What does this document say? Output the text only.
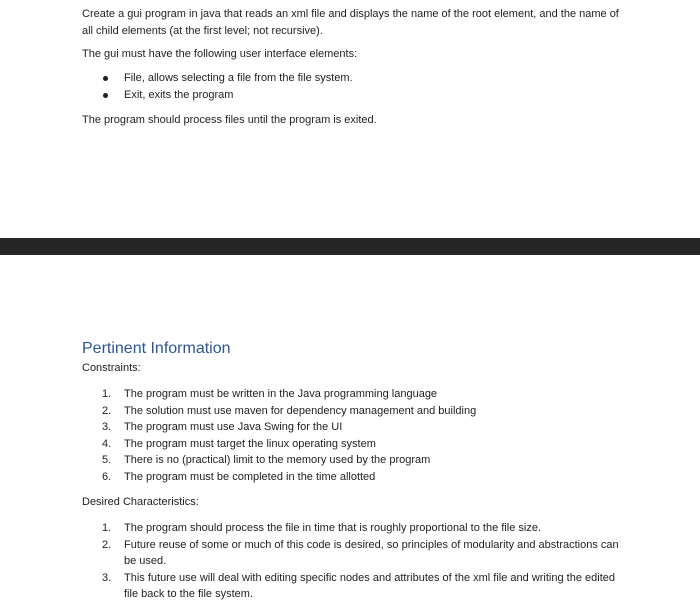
Create a gui program in java that reads an xml file and displays the name of the root element, and the name of all child elements (at the first level; not recursive).

The gui must have the following user interface elements:

File, allows selecting a file from the file system.
Exit, exits the program

The program should process files until the program is exited.

Pertinent Information
Constraints:
1.	The program must be written in the Java programming language
2.	The solution must use maven for dependency management and building
3.	The program must use Java Swing for the UI
4.	The program must target the linux operating system
5.	There is no (practical) limit to the memory used by the program
6.	The program must be completed in the time allotted
Desired Characteristics:
1.	The program should process the file in time that is roughly proportional to the file size.
2.	Future reuse of some or much of this code is desired, so principles of modularity and abstractions can be used.
3.	This future use will deal with editing specific nodes and attributes of the xml file and writing the edited file back to the file system.
